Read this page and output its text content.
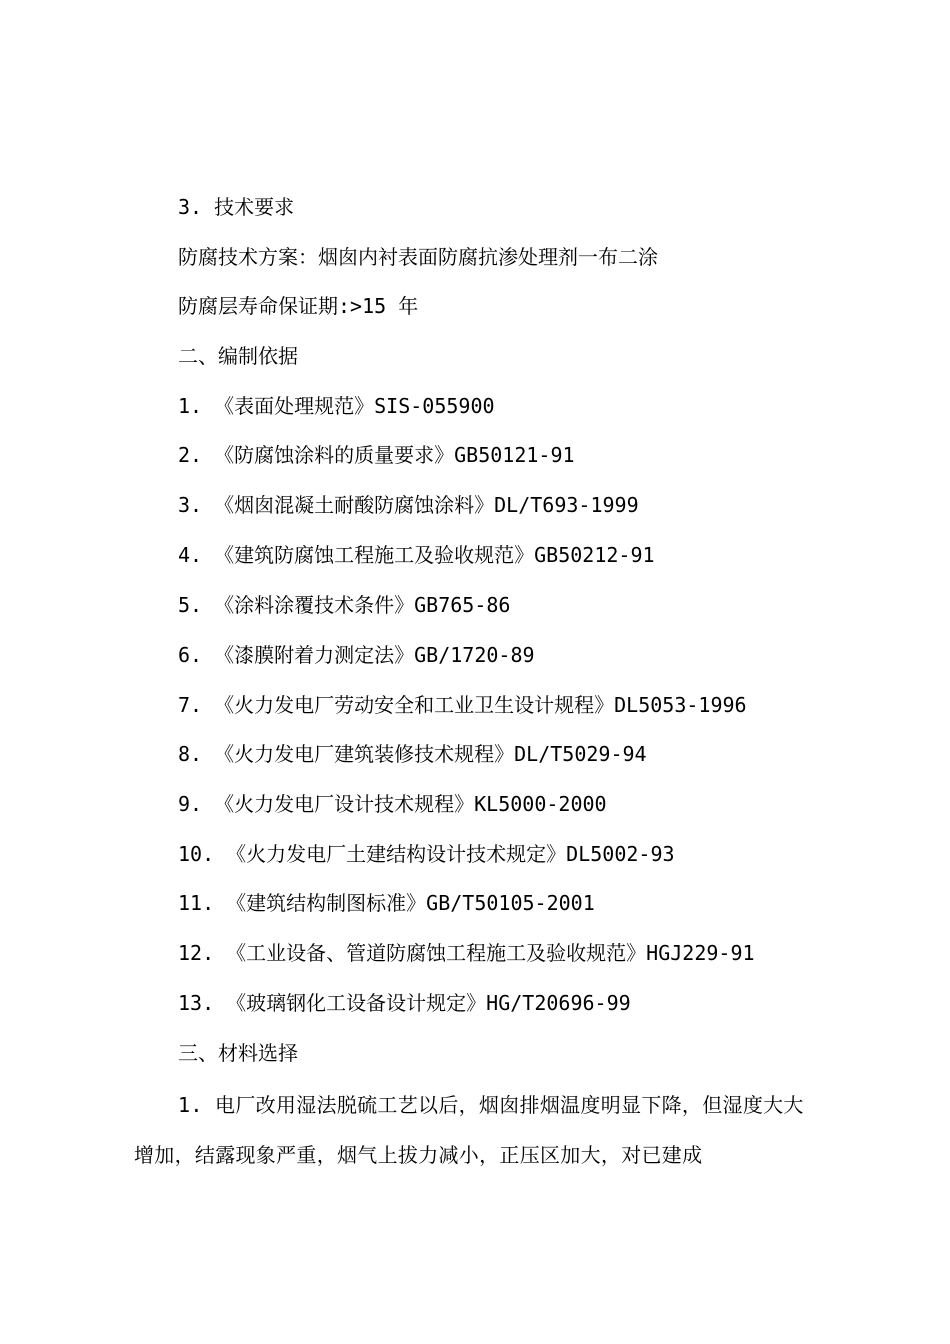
3. 技术要求
防腐技术方案：烟囱内衬表面防腐抗渗处理剂一布二涂
防腐层寿命保证期:>15 年
二、编制依据
1. 《表面处理规范》SIS-055900
2. 《防腐蚀涂料的质量要求》GB50121-91
3. 《烟囱混凝土耐酸防腐蚀涂料》DL/T693-1999
4. 《建筑防腐蚀工程施工及验收规范》GB50212-91
5. 《涂料涂覆技术条件》GB765-86
6. 《漆膜附着力测定法》GB/1720-89
7. 《火力发电厂劳动安全和工业卫生设计规程》DL5053-1996
8. 《火力发电厂建筑装修技术规程》DL/T5029-94
9. 《火力发电厂设计技术规程》KL5000-2000
10. 《火力发电厂土建结构设计技术规定》DL5002-93
11. 《建筑结构制图标准》GB/T50105-2001
12. 《工业设备、管道防腐蚀工程施工及验收规范》HGJ229-91
13. 《玻璃钢化工设备设计规定》HG/T20696-99
三、材料选择
1. 电厂改用湿法脱硫工艺以后，烟囱排烟温度明显下降，但湿度大大增加，结露现象严重，烟气上拔力减小，正压区加大，对已建成
